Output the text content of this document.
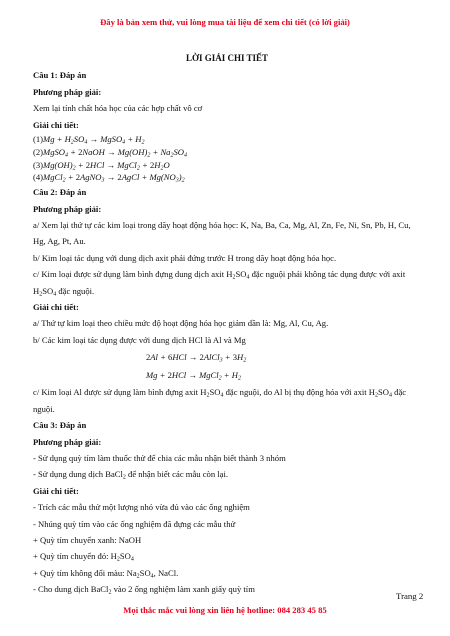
Đây là bản xem thử, vui lòng mua tài liệu để xem chi tiết (có lời giải)
LỜI GIẢI CHI TIẾT
Câu 1: Đáp án
Phương pháp giải:
Xem lại tính chất hóa học của các hợp chất vô cơ
Giải chi tiết:
$(1)Mg + H_2SO_4$ → MgSO$_4$ + $H_2$
(2)MgSO$_4$ + 2NaOH → $Mg(OH)_2 + Na_2SO_4$
$(3)Mg(OH)_2 + 2HCl$ → MgCl$_2$ + $2H_2O$
(4)MgCl$_2$ + 2AgNO$_3$ → 2AgCl + $Mg(NO_3)_2$
Câu 2: Đáp án
Phương pháp giải:
a/ Xem lại thứ tự các kim loại trong dãy hoạt động hóa học: K, Na, Ba, Ca, Mg, Al, Zn, Fe, Ni, Sn, Pb, H, Cu, Hg, Ag, Pt, Au.
b/ Kim loại tác dụng với dung dịch axit phải đứng trước H trong dãy hoạt động hóa học.
c/ Kim loại được sử dụng làm bình đựng dung dịch axit $H_2SO_4$ đặc nguội phải không tác dụng được với axit $H_2SO_4$ đặc nguội.
Giải chi tiết:
a/ Thứ tự kim loại theo chiều mức độ hoạt động hóa học giảm dần là: Mg, Al, Cu, Ag.
b/ Các kim loại tác dụng được với dung dịch HCl là Al và Mg
2Al + 6HCl → 2AlCl$_3$ + $3H_2$
Mg + 2HCl → MgCl$_2$ + $H_2$
c/ Kim loại Al được sử dụng làm bình đựng axit $H_2SO_4$ đặc nguội, do Al bị thụ động hóa với axit $H_2SO_4$ đặc nguội.
Câu 3: Đáp án
Phương pháp giải:
- Sử dụng quỳ tím làm thuốc thử để chia các mẫu nhận biết thành 3 nhóm
- Sử dụng dung dịch BaCl$_2$ để nhận biết các mẫu còn lại.
Giải chi tiết:
- Trích các mẫu thử một lượng nhỏ vừa đủ vào các ống nghiệm
- Nhúng quỳ tím vào các ống nghiệm đã đựng các mẫu thử
+ Quỳ tím chuyển xanh: NaOH
+ Quỳ tím chuyển đỏ: $H_2SO_4$
+ Quỳ tím không đổi màu: $Na_2SO_4$, NaCl.
- Cho dung dịch BaCl$_2$ vào 2 ống nghiệm làm xanh giấy quỳ tím
Trang 2
Mọi thắc mắc vui lòng xin liên hệ hotline: 084 283 45 85
